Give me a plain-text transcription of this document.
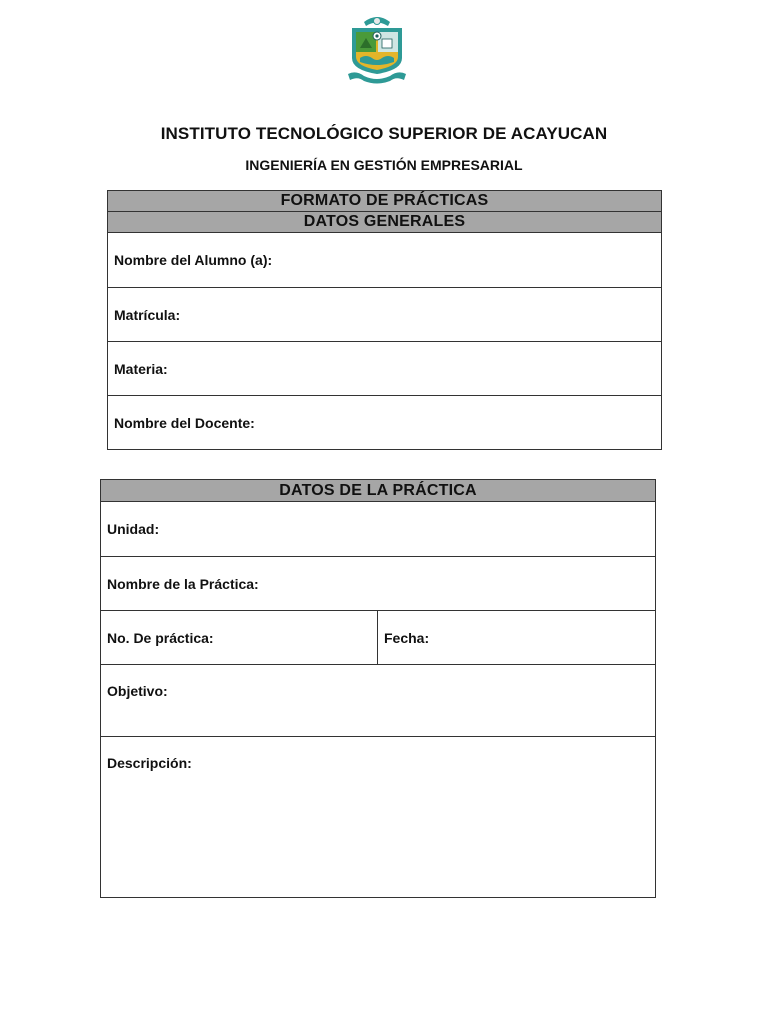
INSTITUTO TECNOLÓGICO SUPERIOR DE ACAYUCAN
INGENIERÍA EN GESTIÓN EMPRESARIAL
FORMATO DE PRÁCTICAS
DATOS GENERALES
Nombre del Alumno (a):
Matrícula:
Materia:
Nombre del Docente:
DATOS DE LA PRÁCTICA
Unidad:
Nombre de la Práctica:
No. De práctica:	Fecha:
Objetivo:
Descripción:
